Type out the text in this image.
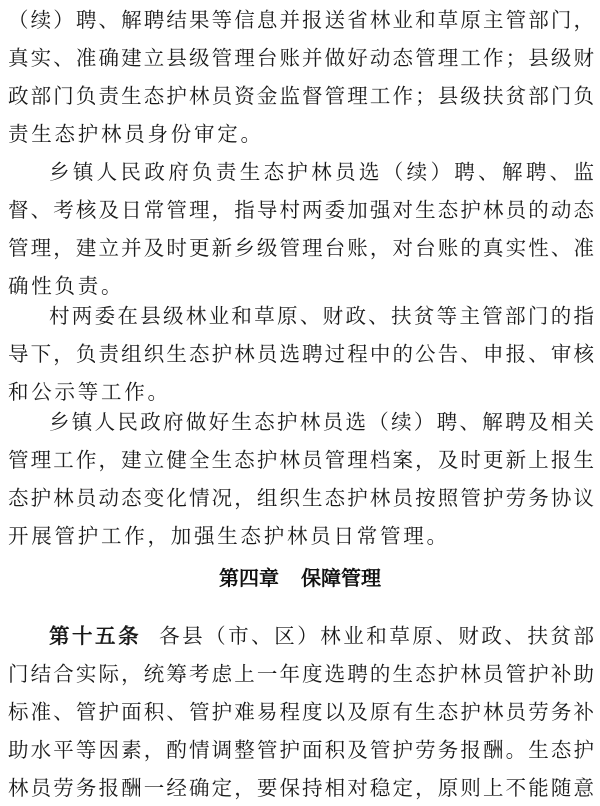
（续）聘、解聘结果等信息并报送省林业和草原主管部门，
真实、准确建立县级管理台账并做好动态管理工作；县级财
政部门负责生态护林员资金监督管理工作；县级扶贫部门负
责生态护林员身份审定。
乡镇人民政府负责生态护林员选（续）聘、解聘、监
督、考核及日常管理，指导村两委加强对生态护林员的动态
管理，建立并及时更新乡级管理台账，对台账的真实性、准
确性负责。
村两委在县级林业和草原、财政、扶贫等主管部门的指
导下，负责组织生态护林员选聘过程中的公告、申报、审核
和公示等工作。
乡镇人民政府做好生态护林员选（续）聘、解聘及相关
管理工作，建立健全生态护林员管理档案，及时更新上报生
态护林员动态变化情况，组织生态护林员按照管护劳务协议
开展管护工作，加强生态护林员日常管理。
第四章 保障管理
第十五条 各县（市、区）林业和草原、财政、扶贫部
门结合实际，统筹考虑上一年度选聘的生态护林员管护补助
标准、管护面积、管护难易程度以及原有生态护林员劳务补
助水平等因素，酌情调整管护面积及管护劳务报酬。生态护
林员劳务报酬一经确定，要保持相对稳定，原则上不能随意
